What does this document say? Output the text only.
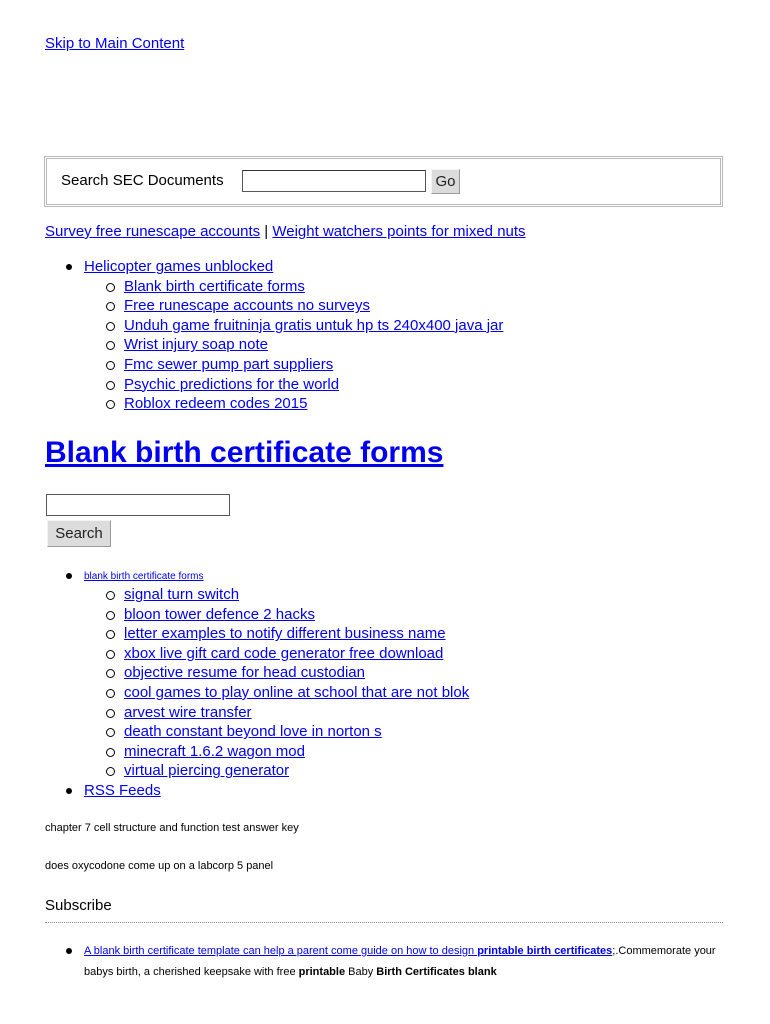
Skip to Main Content
Search SEC Documents	Go
Survey free runescape accounts | Weight watchers points for mixed nuts
Helicopter games unblocked
Blank birth certificate forms
Free runescape accounts no surveys
Unduh game fruitninja gratis untuk hp ts 240x400 java jar
Wrist injury soap note
Fmc sewer pump part suppliers
Psychic predictions for the world
Roblox redeem codes 2015
Blank birth certificate forms
Search
blank birth certificate forms
signal turn switch
bloon tower defence 2 hacks
letter examples to notify different business name
xbox live gift card code generator free download
objective resume for head custodian
cool games to play online at school that are not blok
arvest wire transfer
death constant beyond love in norton s
minecraft 1.6.2 wagon mod
virtual piercing generator
RSS Feeds
chapter 7 cell structure and function test answer key
does oxycodone come up on a labcorp 5 panel
Subscribe
A blank birth certificate template can help a parent come guide on how to design printable birth certificates;.Commemorate your babys birth, a cherished keepsake with free printable Baby Birth Certificates blank
